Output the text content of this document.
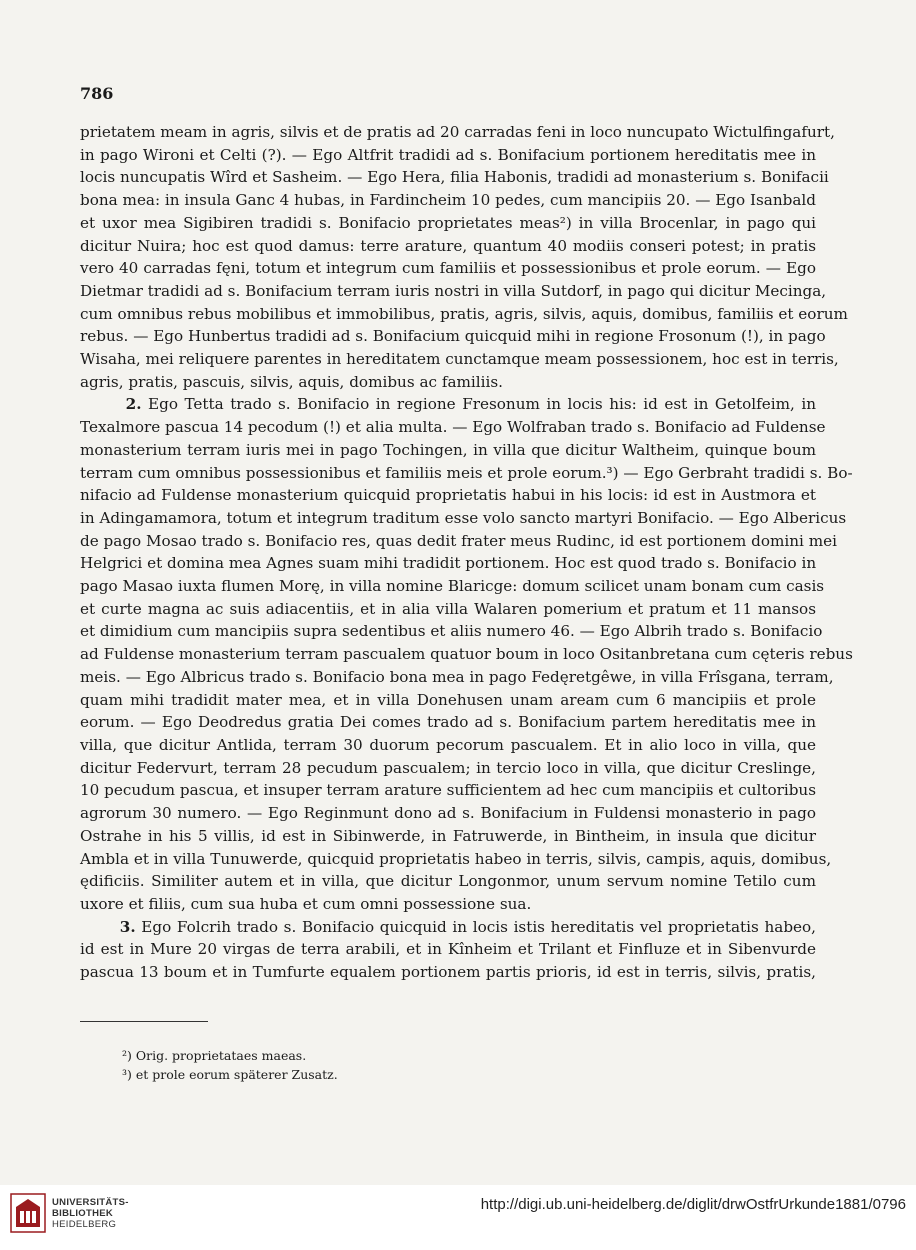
786

prietatem meam in agris, silvis et de pratis ad 20 carradas feni in loco nuncupato Wictulfingafurt,
in pago Wironi et Celti (?). — Ego Altfrit tradidi ad s. Bonifacium portionem hereditatis mee in
locis nuncupatis Wîrd et Sasheim. — Ego Hera, filia Habonis, tradidi ad monasterium s. Bonifacii
bona mea: in insula Ganc 4 hubas, in Fardincheim 10 pedes, cum mancipiis 20. — Ego Isanbald
et uxor mea Sigibiren tradidi s. Bonifacio proprietates meas²) in villa Brocenlar, in pago qui
dicitur Nuira; hoc est quod damus: terre arature, quantum 40 modiis conseri potest; in pratis
vero 40 carradas fęni, totum et integrum cum familiis et possessionibus et prole eorum. — Ego
Dietmar tradidi ad s. Bonifacium terram iuris nostri in villa Sutdorf, in pago qui dicitur Mecinga,
cum omnibus rebus mobilibus et immobilibus, pratis, agris, silvis, aquis, domibus, familiis et eorum
rebus. — Ego Hunbertus tradidi ad s. Bonifacium quicquid mihi in regione Frosonum (!), in pago
Wisaha, mei reliquere parentes in hereditatem cunctamque meam possessionem, hoc est in terris,
agris, pratis, pascuis, silvis, aquis, domibus ac familiis.
2. Ego Tetta trado s. Bonifacio in regione Fresonum in locis his: id est in Getolfeim, in
Texalmore pascua 14 pecodum (!) et alia multa. — Ego Wolfraban trado s. Bonifacio ad Fuldense
monasterium terram iuris mei in pago Tochingen, in villa que dicitur Waltheim, quinque boum
terram cum omnibus possessionibus et familiis meis et prole eorum.³) — Ego Gerbraht tradidi s. Bo-
nifacio ad Fuldense monasterium quicquid proprietatis habui in his locis: id est in Austmora et
in Adingamamora, totum et integrum traditum esse volo sancto martyri Bonifacio. — Ego Albericus
de pago Mosao trado s. Bonifacio res, quas dedit frater meus Rudinc, id est portionem domini mei
Helgrici et domina mea Agnes suam mihi tradidit portionem. Hoc est quod trado s. Bonifacio in
pago Masao iuxta flumen Morę, in villa nomine Blaricge: domum scilicet unam bonam cum casis
et curte magna ac suis adiacentiis, et in alia villa Walaren pomerium et pratum et 11 mansos
et dimidium cum mancipiis supra sedentibus et aliis numero 46. — Ego Albrih trado s. Bonifacio
ad Fuldense monasterium terram pascualem quatuor boum in loco Ositanbretana cum cęteris rebus
meis. — Ego Albricus trado s. Bonifacio bona mea in pago Fedęretgêwe, in villa Frîsgana, terram,
quam mihi tradidit mater mea, et in villa Donehusen unam aream cum 6 mancipiis et prole
eorum. — Ego Deodredus gratia Dei comes trado ad s. Bonifacium partem hereditatis mee in
villa, que dicitur Antlida, terram 30 duorum pecorum pascualem. Et in alio loco in villa, que
dicitur Federvurt, terram 28 pecudum pascualem; in tercio loco in villa, que dicitur Creslinge,
10 pecudum pascua, et insuper terram arature sufficientem ad hec cum mancipiis et cultoribus
agrorum 30 numero. — Ego Reginmunt dono ad s. Bonifacium in Fuldensi monasterio in pago
Ostrahe in his 5 villis, id est in Sibinwerde, in Fatruwerde, in Bintheim, in insula que dicitur
Ambla et in villa Tunuwerde, quicquid proprietatis habeo in terris, silvis, campis, aquis, domibus,
ędificiis. Similiter autem et in villa, que dicitur Longonmor, unum servum nomine Tetilo cum
uxore et filiis, cum sua huba et cum omni possessione sua.
3. Ego Folcrih trado s. Bonifacio quicquid in locis istis hereditatis vel proprietatis habeo,
id est in Mure 20 virgas de terra arabili, et in Kînheim et Trilant et Finfluze et in Sibenvurde
pascua 13 boum et in Tumfurte equalem portionem partis prioris, id est in terris, silvis, pratis,
²) Orig. proprietataes maeas.
³) et prole eorum späterer Zusatz.
UNIVERSITÄTS-
BIBLIOTHEK
HEIDELBERG
http://digi.ub.uni-heidelberg.de/diglit/drwOstfrUrkunde1881/0796
